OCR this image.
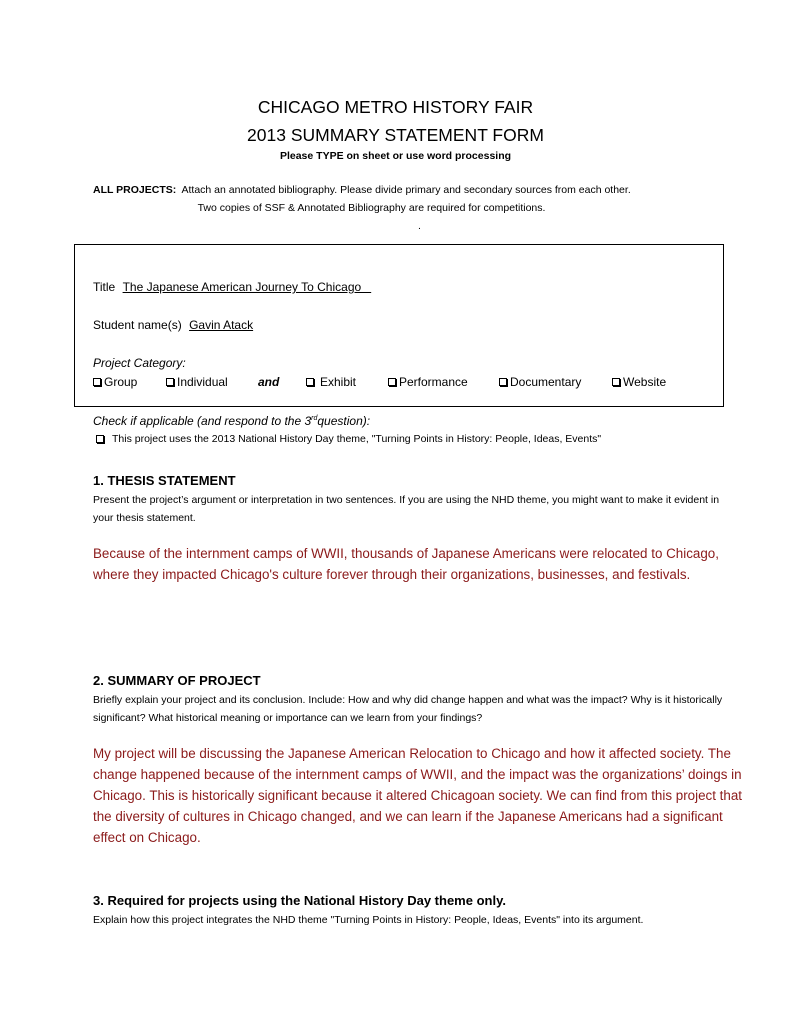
CHICAGO METRO HISTORY FAIR
2013 SUMMARY STATEMENT FORM
Please TYPE on sheet or use word processing
ALL PROJECTS: Attach an annotated bibliography. Please divide primary and secondary sources from each other.
Two copies of SSF & Annotated Bibliography are required for competitions.
.
Title The Japanese American Journey To Chicago
Student name(s) Gavin Atack
Project Category:
Group	Individual	and	Exhibit	Performance	Documentary	Website
Check if applicable (and respond to the 3rdquestion):
This project uses the 2013 National History Day theme, "Turning Points in History: People, Ideas, Events"
1. THESIS STATEMENT
Present the project’s argument or interpretation in two sentences. If you are using the NHD theme, you might want to make it evident in your thesis statement.
Because of the internment camps of WWII, thousands of Japanese Americans were relocated to Chicago, where they impacted Chicago's culture forever through their organizations, businesses, and festivals.
2. SUMMARY OF PROJECT
Briefly explain your project and its conclusion. Include: How and why did change happen and what was the impact? Why is it historically significant? What historical meaning or importance can we learn from your findings?
My project will be discussing the Japanese American Relocation to Chicago and how it affected society. The change happened because of the internment camps of WWII, and the impact was the organizations’ doings in Chicago. This is historically significant because it altered Chicagoan society. We can find from this project that the diversity of cultures in Chicago changed, and we can learn if the Japanese Americans had a significant effect on Chicago.
3. Required for projects using the National History Day theme only.
Explain how this project integrates the NHD theme "Turning Points in History: People, Ideas, Events" into its argument.
